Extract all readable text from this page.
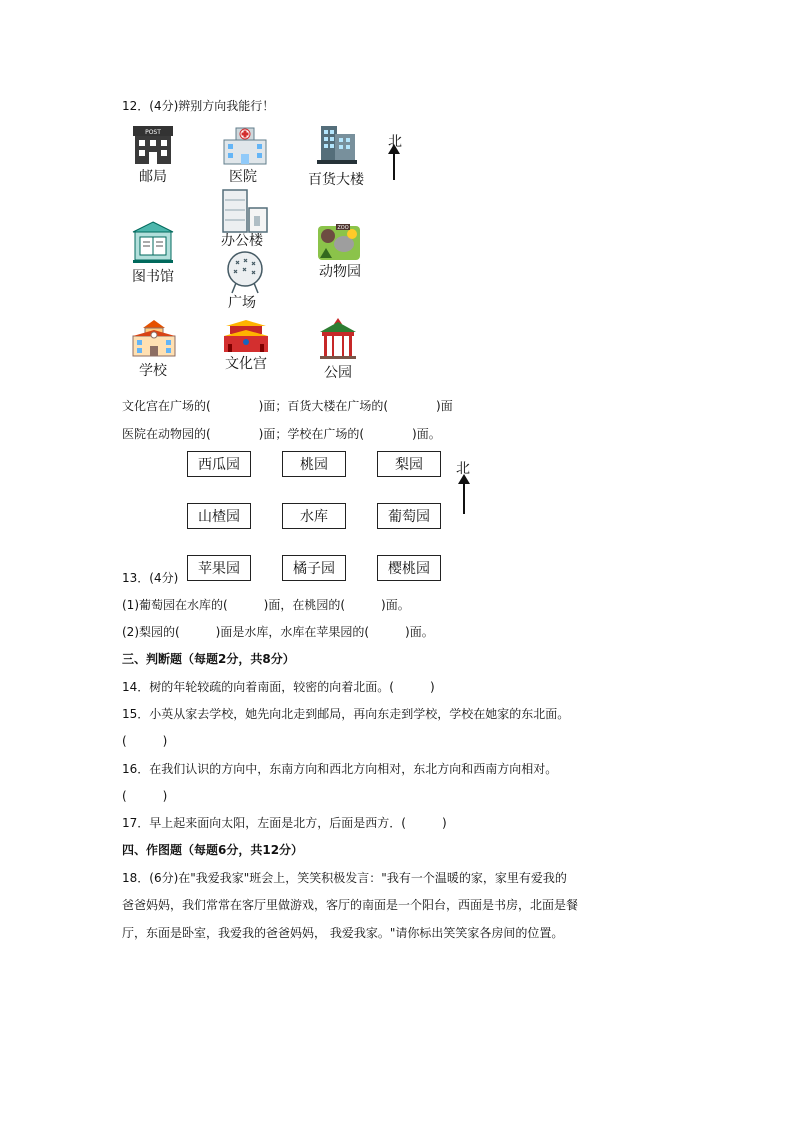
12．(4分)辨别方向我能行！
POST
邮局	医院	百货大楼
北
办公楼
图书馆
ZOO
动物园
广场
学校	文化宫
公园
文化宫在广场的(　　　　)面；百货大楼在广场的(　　　　)面
医院在动物园的(　　　　)面；学校在广场的(　　　　)面。
西瓜园	桃园	梨园
山楂园	水库	葡萄园
苹果园	橘子园	樱桃园
北
13．(4分)
(1)葡萄园在水库的(　　　)面，在桃园的(　　　)面。
(2)梨园的(　　　)面是水库，水库在苹果园的(　　　)面。
三、判断题（每题2分，共8分）
14．树的年轮较疏的向着南面，较密的向着北面。(　　　)
15．小英从家去学校，她先向北走到邮局，再向东走到学校，学校在她家的东北面。
(　　　)
16．在我们认识的方向中，东南方向和西北方向相对，东北方向和西南方向相对。
(　　　)
17．早上起来面向太阳，左面是北方，后面是西方．(　　　)
四、作图题（每题6分，共12分）
18．(6分)在"我爱我家"班会上，笑笑积极发言："我有一个温暖的家，家里有爱我的
爸爸妈妈，我们常常在客厅里做游戏，客厅的南面是一个阳台，西面是书房，北面是餐
厅，东面是卧室，我爱我的爸爸妈妈， 我爱我家。"请你标出笑笑家各房间的位置。
